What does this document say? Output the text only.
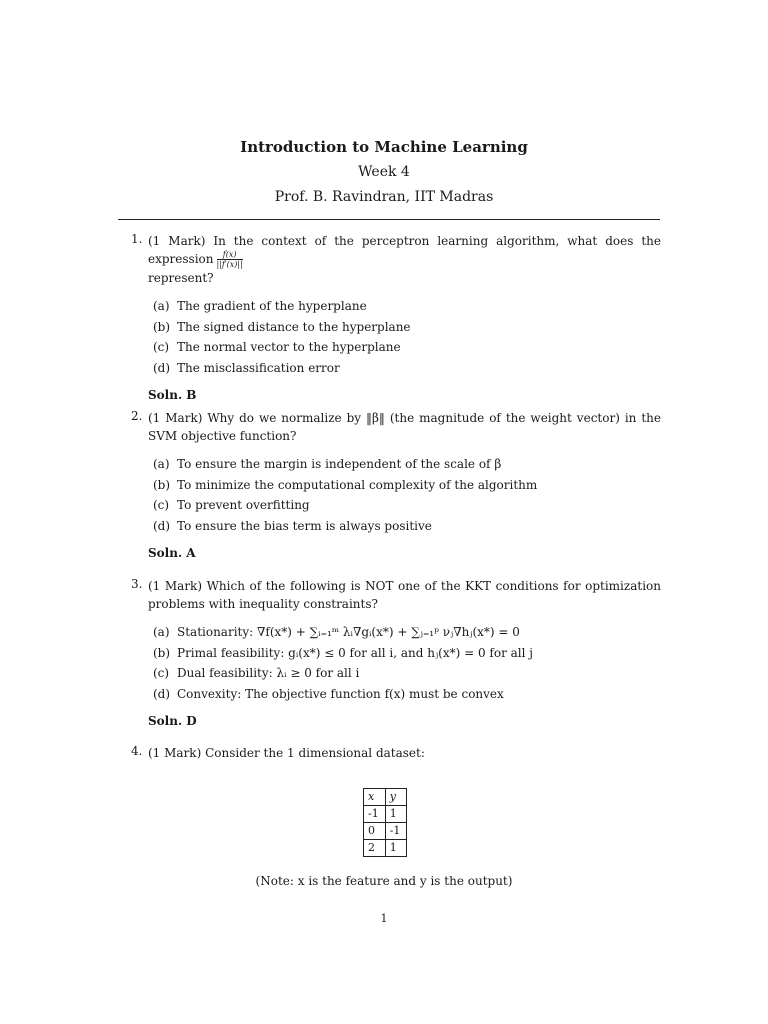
Introduction to Machine Learning
Week 4
Prof. B. Ravindran, IIT Madras
1. (1 Mark) In the context of the perceptron learning algorithm, what does the expression $\frac{f(x)}{||f'(x)||}$

represent?
(a) The gradient of the hyperplane
(b) The signed distance to the hyperplane
(c) The normal vector to the hyperplane
(d) The misclassification error
Soln. B
2. (1 Mark) Why do we normalize by ‖β‖ (the magnitude of the weight vector) in the SVM objective function?
(a) To ensure the margin is independent of the scale of β
(b) To minimize the computational complexity of the algorithm
(c) To prevent overfitting
(d) To ensure the bias term is always positive
Soln. A
3. (1 Mark) Which of the following is NOT one of the KKT conditions for optimization problems with inequality constraints?
(a) Stationarity: ∇f(x*) + ∑ᵢ₌₁ᵐ λᵢ∇gᵢ(x*) + ∑ⱼ₌₁ᵖ νⱼ∇hⱼ(x*) = 0
(b) Primal feasibility: gᵢ(x*) ≤ 0 for all i, and hⱼ(x*) = 0 for all j
(c) Dual feasibility: λᵢ ≥ 0 for all i
(d) Convexity: The objective function f(x) must be convex
Soln. D
4. (1 Mark) Consider the 1 dimensional dataset:
x	y
-1	1
0	-1
2	1
(Note: x is the feature and y is the output)
1
